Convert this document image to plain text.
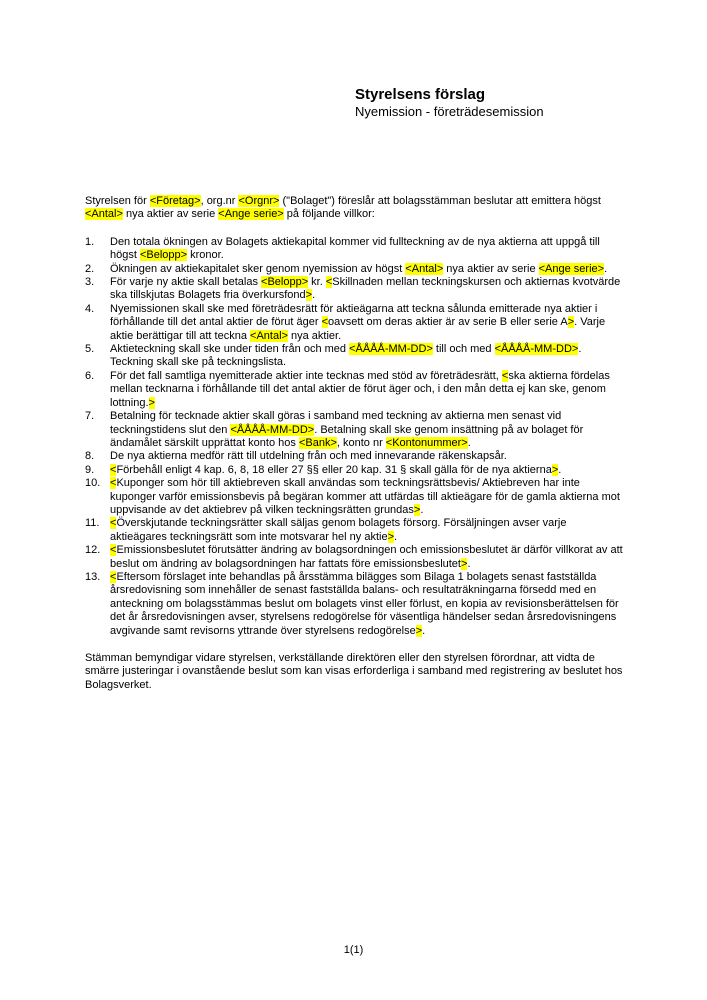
Styrelsens förslag
Nyemission - företrädesemission

Styrelsen för <Företag>, org.nr <Orgnr> ("Bolaget") föreslår att bolagsstämman beslutar att emittera högst <Antal> nya aktier av serie <Ange serie> på följande villkor:

1.	Den totala ökningen av Bolagets aktiekapital kommer vid fullteckning av de nya aktierna att uppgå till högst <Belopp> kronor.
2.	Ökningen av aktiekapitalet sker genom nyemission av högst <Antal> nya aktier av serie <Ange serie>.
3.	För varje ny aktie skall betalas <Belopp> kr. <Skillnaden mellan teckningskursen och aktiernas kvotvärde ska tillskjutas Bolagets fria överkursfond>.
4.	Nyemissionen skall ske med företrädesrätt för aktieägarna att teckna sålunda emitterade nya aktier i förhållande till det antal aktier de förut äger <oavsett om deras aktier är av serie B eller serie A>. Varje aktie berättigar till att teckna <Antal> nya aktier.
5.	Aktieteckning skall ske under tiden från och med <ÅÅÅÅ-MM-DD> till och med <ÅÅÅÅ-MM-DD>. Teckning skall ske på teckningslista.
6.	För det fall samtliga nyemitterade aktier inte tecknas med stöd av företrädesrätt, <ska aktierna fördelas mellan tecknarna i förhållande till det antal aktier de förut äger och, i den mån detta ej kan ske, genom lottning.>
7.	Betalning för tecknade aktier skall göras i samband med teckning av aktierna men senast vid teckningstidens slut den <ÅÅÅÅ-MM-DD>. Betalning skall ske genom insättning på av bolaget för ändamålet särskilt upprättat konto hos <Bank>, konto nr <Kontonummer>.
8.	De nya aktierna medför rätt till utdelning från och med innevarande räkenskapsår.
9.	<Förbehåll enligt 4 kap. 6, 8, 18 eller 27 §§ eller 20 kap. 31 § skall gälla för de nya aktierna>.
10. <Kuponger som hör till aktiebreven skall användas som teckningsrättsbevis/ Aktiebreven har inte kuponger varför emissionsbevis på begäran kommer att utfärdas till aktieägare för de gamla aktierna mot uppvisande av det aktiebrev på vilken teckningsrätten grundas>.
11. <Överskjutande teckningsrätter skall säljas genom bolagets försorg. Försäljningen avser varje aktieägares teckningsrätt som inte motsvarar hel ny aktie>.
12. <Emissionsbeslutet förutsätter ändring av bolagsordningen och emissionsbeslutet är därför villkorat av att beslut om ändring av bolagsordningen har fattats före emissionsbeslutet>.
13. <Eftersom förslaget inte behandlas på årsstämma bilägges som Bilaga 1 bolagets senast fastställda årsredovisning som innehåller de senast fastställda balans- och resultaträkningarna försedd med en anteckning om bolagsstämmas beslut om bolagets vinst eller förlust, en kopia av revisionsberättelsen för det år årsredovisningen avser, styrelsens redogörelse för väsentliga händelser sedan årsredovisningens avgivande samt revisorns yttrande över styrelsens redogörelse>.

Stämman bemyndigar vidare styrelsen, verkställande direktören eller den styrelsen förordnar, att vidta de smärre justeringar i ovanstående beslut som kan visas erforderliga i samband med registrering av beslutet hos Bolagsverket.

1(1)
